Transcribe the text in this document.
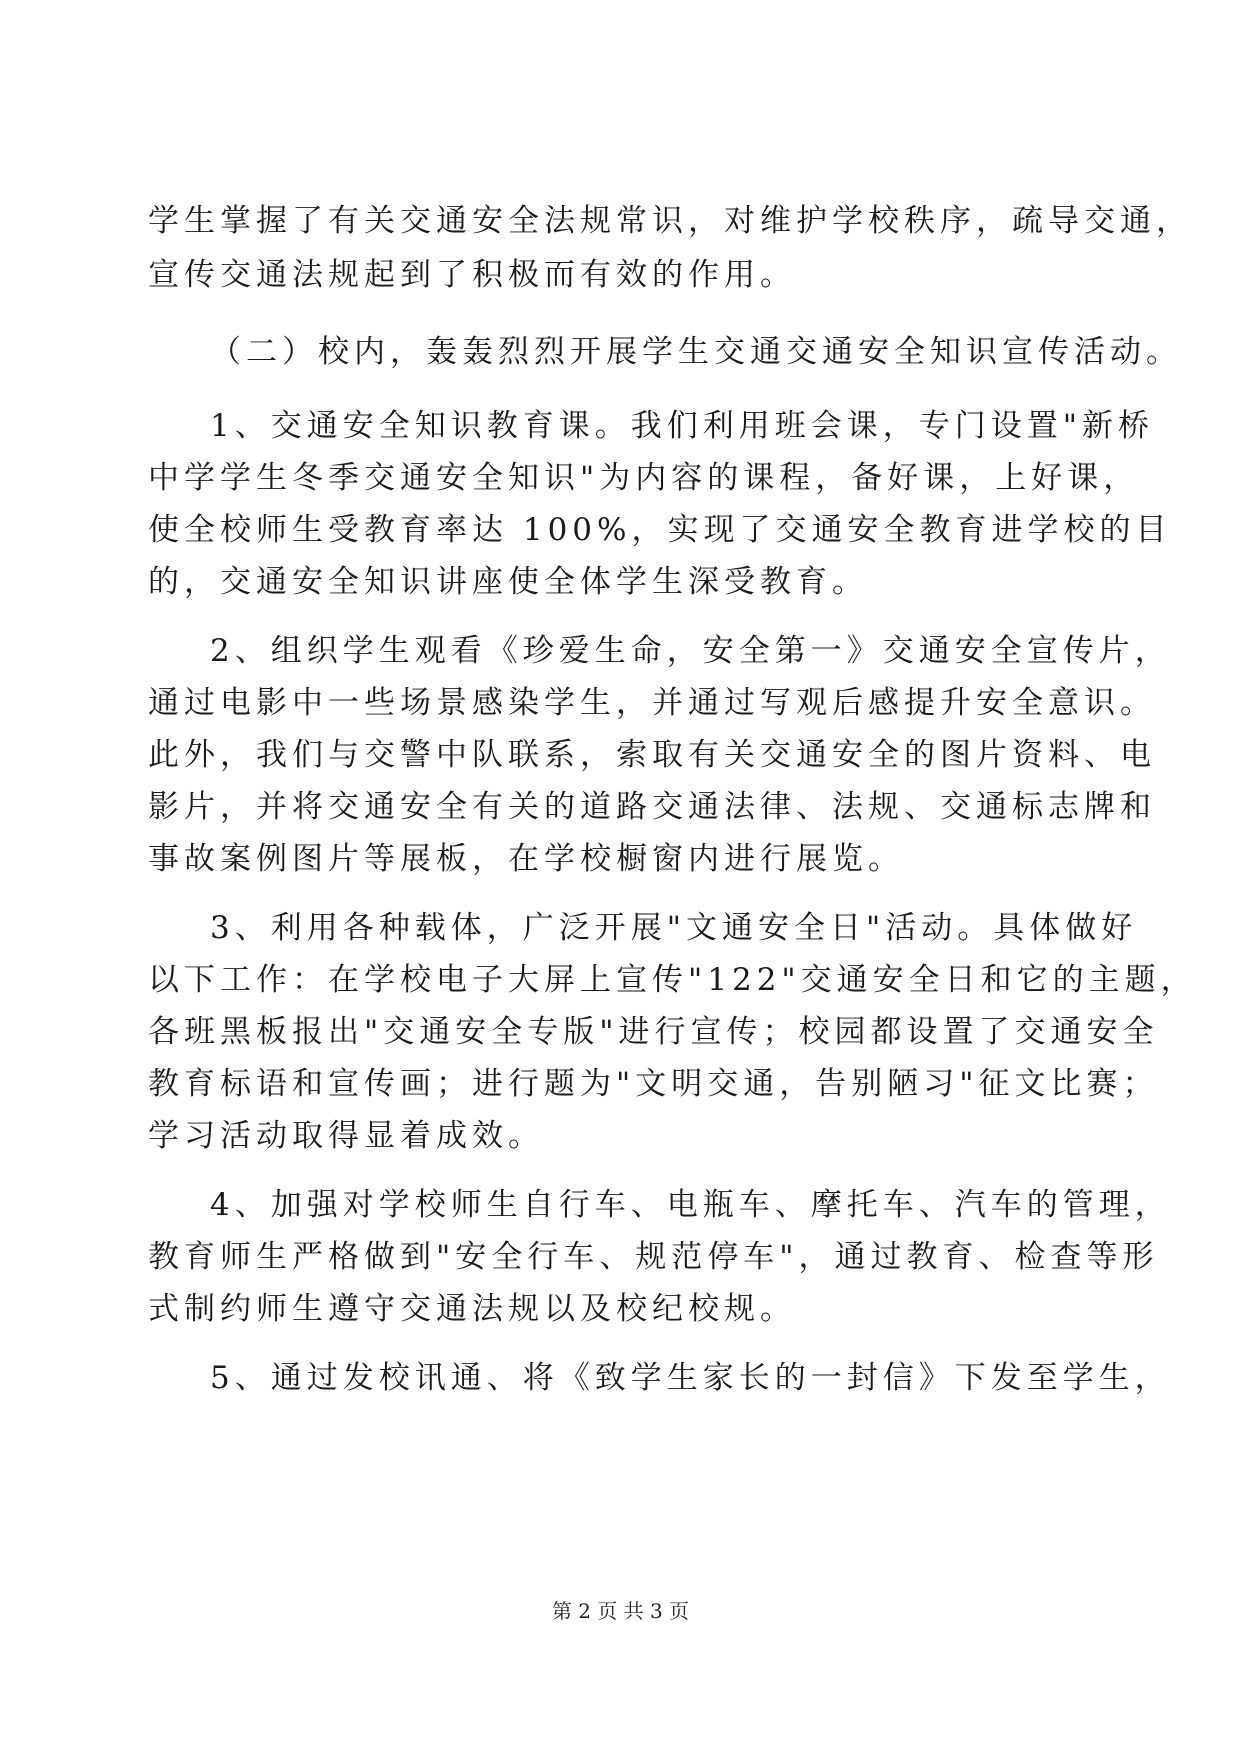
学生掌握了有关交通安全法规常识，对维护学校秩序，疏导交通，
宣传交通法规起到了积极而有效的作用。
（二）校内，轰轰烈烈开展学生交通交通安全知识宣传活动。
1、交通安全知识教育课。我们利用班会课，专门设置"新桥
中学学生冬季交通安全知识"为内容的课程，备好课，上好课，
使全校师生受教育率达 100%，实现了交通安全教育进学校的目
的，交通安全知识讲座使全体学生深受教育。
2、组织学生观看《珍爱生命，安全第一》交通安全宣传片，
通过电影中一些场景感染学生，并通过写观后感提升安全意识。
此外，我们与交警中队联系，索取有关交通安全的图片资料、电
影片，并将交通安全有关的道路交通法律、法规、交通标志牌和
事故案例图片等展板，在学校橱窗内进行展览。
3、利用各种载体，广泛开展"文通安全日"活动。具体做好
以下工作：在学校电子大屏上宣传"122"交通安全日和它的主题，
各班黑板报出"交通安全专版"进行宣传；校园都设置了交通安全
教育标语和宣传画；进行题为"文明交通，告别陋习"征文比赛；
学习活动取得显着成效。
4、加强对学校师生自行车、电瓶车、摩托车、汽车的管理，
教育师生严格做到"安全行车、规范停车"，通过教育、检查等形
式制约师生遵守交通法规以及校纪校规。
5、通过发校讯通、将《致学生家长的一封信》下发至学生，
第 2 页 共 3 页
